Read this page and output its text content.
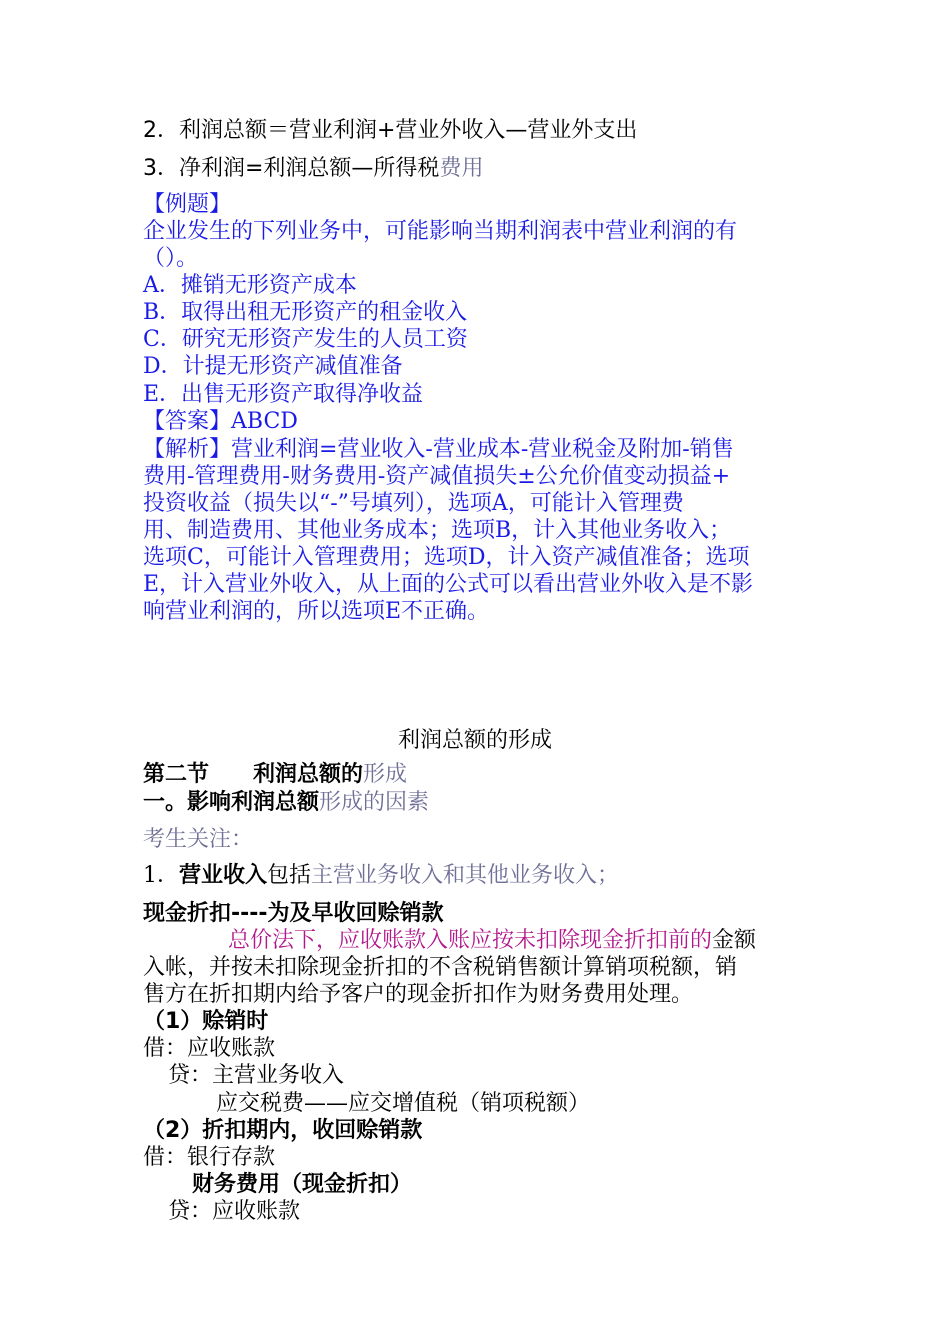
2．利润总额＝营业利润+营业外收入—营业外支出
3．净利润=利润总额—所得税费用
【例题】
企业发生的下列业务中，可能影响当期利润表中营业利润的有
（）。
A．摊销无形资产成本
B．取得出租无形资产的租金收入
C．研究无形资产发生的人员工资
D．计提无形资产减值准备
E．出售无形资产取得净收益
【答案】ABCD
【解析】营业利润=营业收入-营业成本-营业税金及附加-销售
费用-管理费用-财务费用-资产减值损失±公允价值变动损益+
投资收益（损失以“-”号填列），选项A，可能计入管理费
用、制造费用、其他业务成本；选项B，计入其他业务收入；
选项C，可能计入管理费用；选项D，计入资产减值准备；选项
E，计入营业外收入，从上面的公式可以看出营业外收入是不影
响营业利润的，所以选项E不正确。
利润总额的形成
第二节　　利润总额的形成
一。影响利润总额形成的因素
考生关注：
1．营业收入包括主营业务收入和其他业务收入；
现金折扣----为及早收回赊销款
总价法下，应收账款入账应按未扣除现金折扣前的金额
入帐，并按未扣除现金折扣的不含税销售额计算销项税额，销
售方在折扣期内给予客户的现金折扣作为财务费用处理。
（1）赊销时
借：应收账款
贷：主营业务收入
应交税费——应交增值税（销项税额）
（2）折扣期内，收回赊销款
借：银行存款
财务费用（现金折扣）
贷：应收账款
